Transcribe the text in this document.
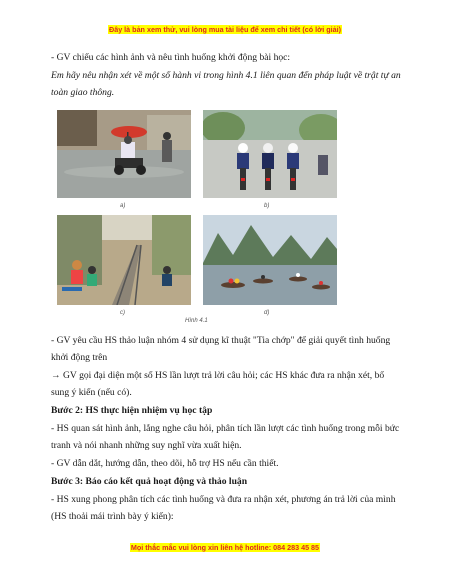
Đây là bản xem thử, vui lòng mua tài liệu để xem chi tiết (có lời giải)

- GV chiếu các hình ảnh và nêu tình huống khởi động bài học:

Em hãy nêu nhận xét về một số hành vi trong hình 4.1 liên quan đến pháp luật về trật tự an toàn giao thông.

a)	b)
c)	d)
Hình 4.1

- GV yêu cầu HS thảo luận nhóm 4 sử dụng kĩ thuật "Tia chớp" để giải quyết tình huống khởi động trên

→ GV gọi đại diện một số HS lần lượt trả lời câu hỏi; các HS khác đưa ra nhận xét, bổ sung ý kiến (nếu có).

Bước 2: HS thực hiện nhiệm vụ học tập

- HS quan sát hình ảnh, lắng nghe câu hỏi, phân tích lần lượt các tình huống trong mỗi bức tranh và nói nhanh những suy nghĩ vừa xuất hiện.

- GV dẫn dắt, hướng dẫn, theo dõi, hỗ trợ HS nếu cần thiết.

Bước 3: Báo cáo kết quả hoạt động và thảo luận

- HS xung phong phân tích các tình huống và đưa ra nhận xét, phương án trả lời của mình (HS thoải mái trình bày ý kiến):

Mọi thắc mắc vui lòng xin liên hệ hotline: 084 283 45 85
